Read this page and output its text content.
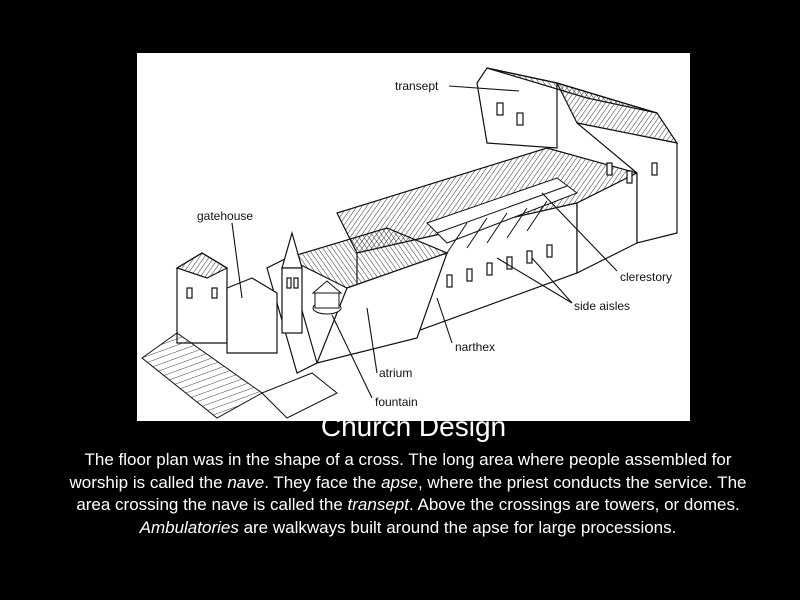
transept
gatehouse
clerestory
side aisles
narthex
atrium
fountain
Church Design
The floor plan was in the shape of a cross. The long area where people assembled for worship is called the nave. They face the apse, where the priest conducts the service. The area crossing the nave is called the transept. Above the crossings are towers, or domes. Ambulatories are walkways built around the apse for large processions.
